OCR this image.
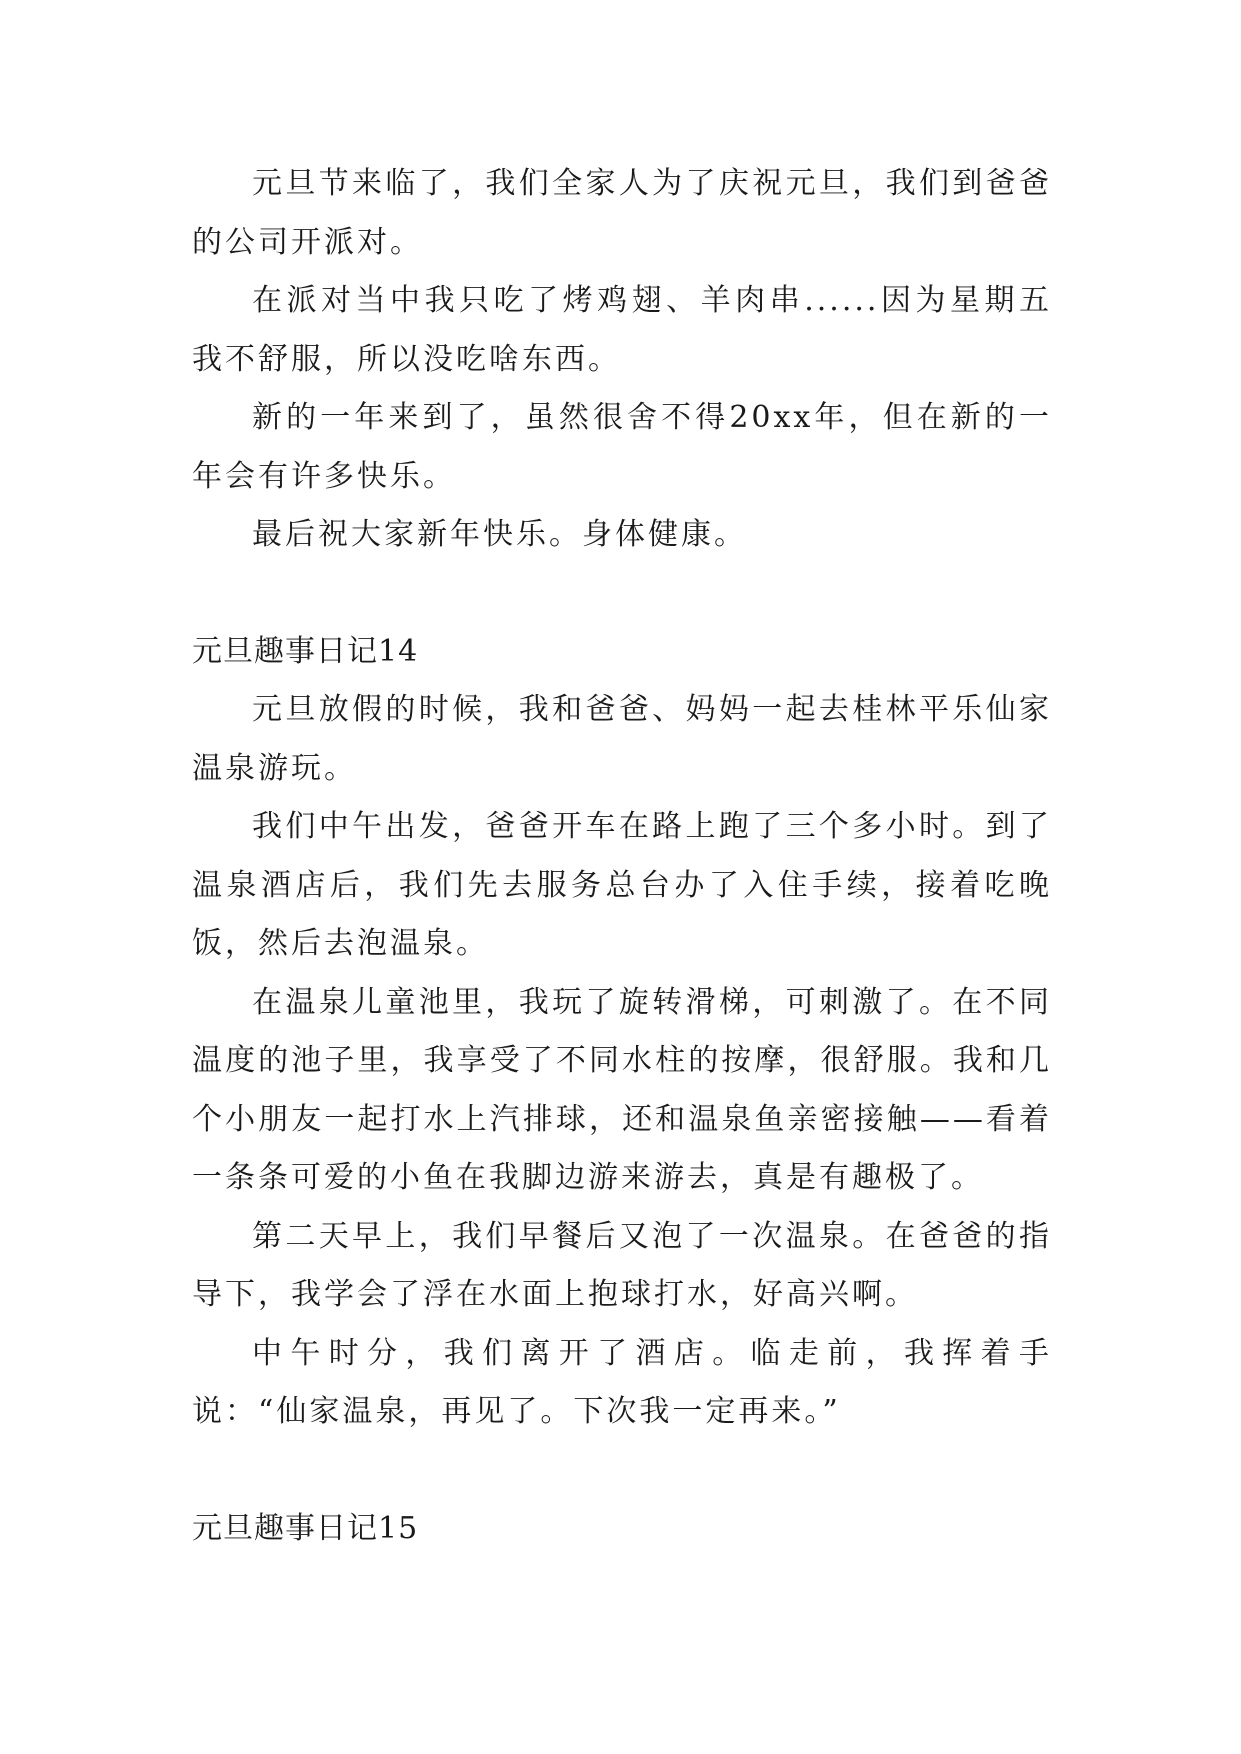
元旦节来临了，我们全家人为了庆祝元旦，我们到爸爸的公司开派对。

在派对当中我只吃了烤鸡翅、羊肉串......因为星期五我不舒服，所以没吃啥东西。

新的一年来到了，虽然很舍不得20xx年，但在新的一年会有许多快乐。

最后祝大家新年快乐。身体健康。

元旦趣事日记14

元旦放假的时候，我和爸爸、妈妈一起去桂林平乐仙家温泉游玩。

我们中午出发，爸爸开车在路上跑了三个多小时。到了温泉酒店后，我们先去服务总台办了入住手续，接着吃晚饭，然后去泡温泉。

在温泉儿童池里，我玩了旋转滑梯，可刺激了。在不同温度的池子里，我享受了不同水柱的按摩，很舒服。我和几个小朋友一起打水上汽排球，还和温泉鱼亲密接触——看着一条条可爱的小鱼在我脚边游来游去，真是有趣极了。

第二天早上，我们早餐后又泡了一次温泉。在爸爸的指导下，我学会了浮在水面上抱球打水，好高兴啊。

中午时分，我们离开了酒店。临走前，我挥着手说：“仙家温泉，再见了。下次我一定再来。”

元旦趣事日记15
